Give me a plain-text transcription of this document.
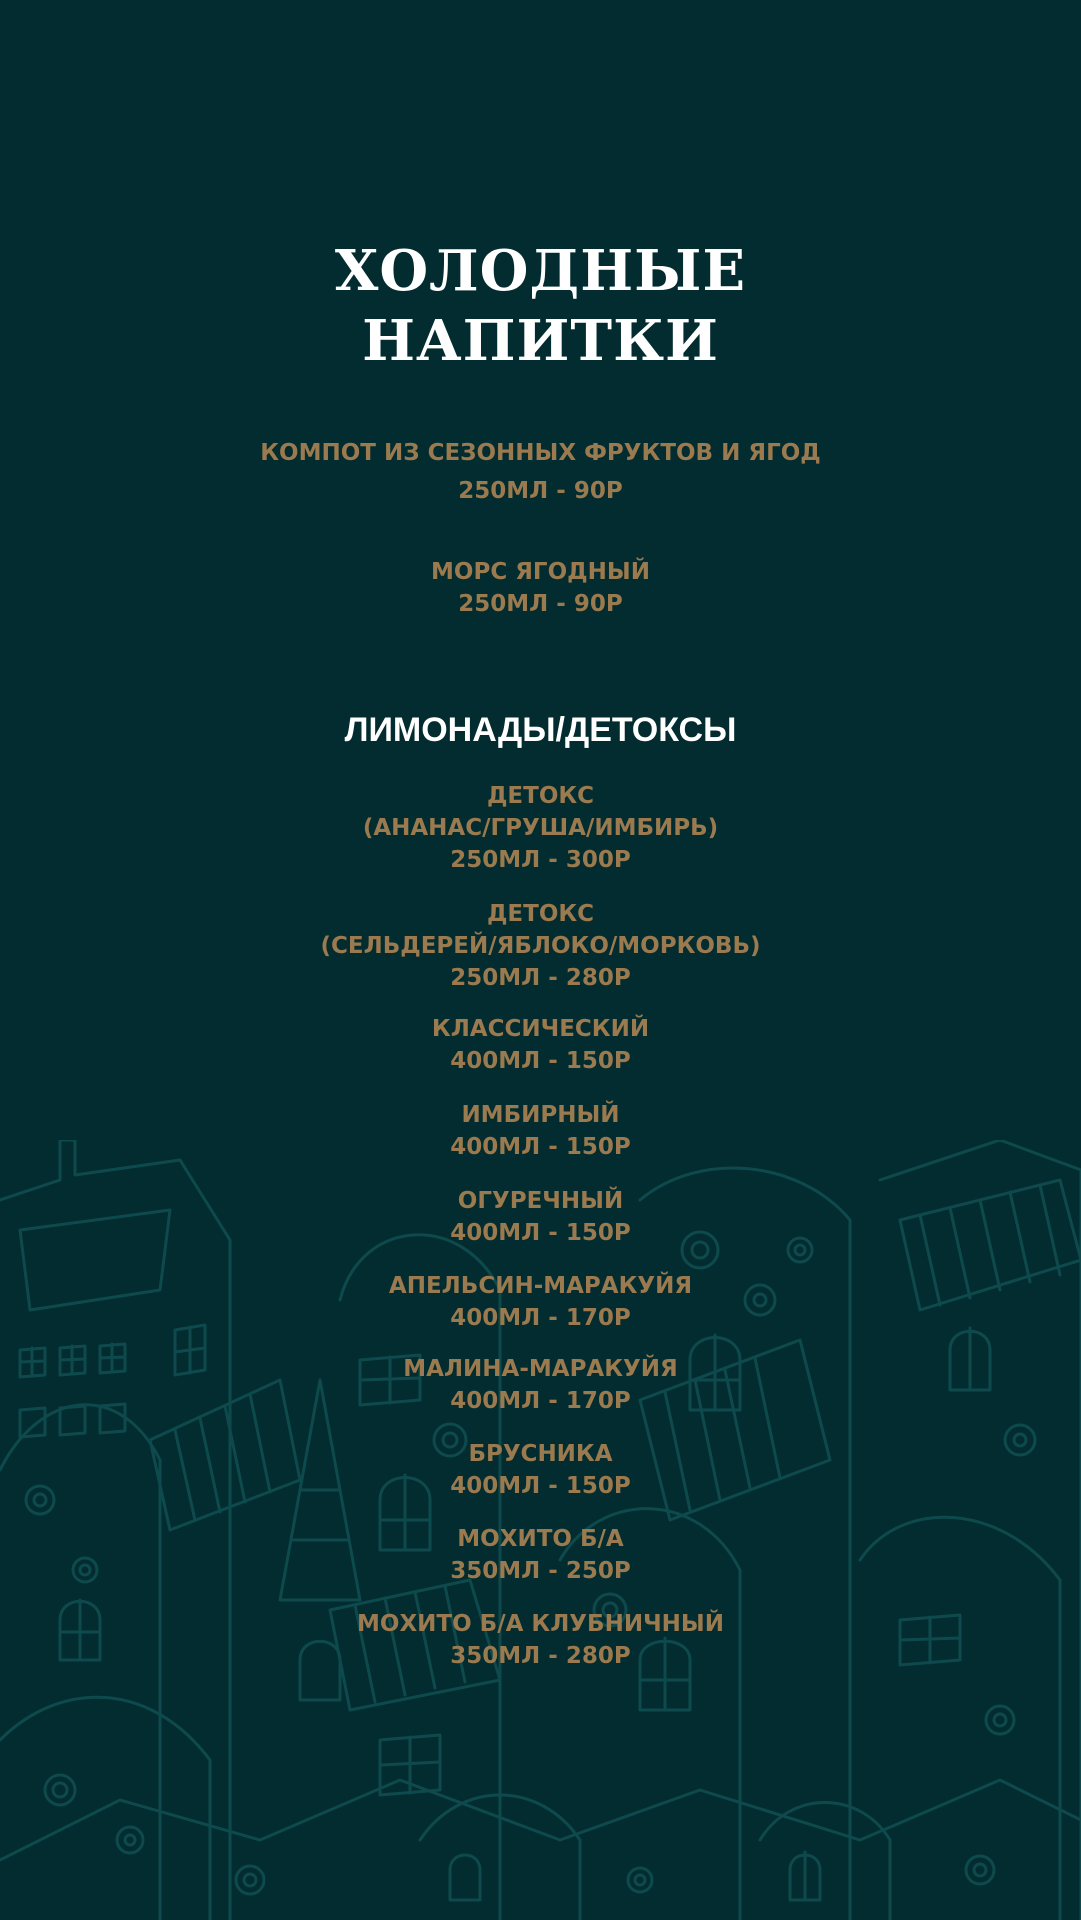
ХОЛОДНЫЕ
НАПИТКИ
КОМПОТ ИЗ СЕЗОННЫХ ФРУКТОВ И ЯГОД
250МЛ - 90Р
МОРС ЯГОДНЫЙ
250МЛ - 90Р
ЛИМОНАДЫ/ДЕТОКСЫ
ДЕТОКС
(АНАНАС/ГРУША/ИМБИРЬ)
250МЛ - 300Р
ДЕТОКС
(СЕЛЬДЕРЕЙ/ЯБЛОКО/МОРКОВЬ)
250МЛ - 280Р
КЛАССИЧЕСКИЙ
400МЛ - 150Р
ИМБИРНЫЙ
400МЛ - 150Р
ОГУРЕЧНЫЙ
400МЛ - 150Р
АПЕЛЬСИН-МАРАКУЙЯ
400МЛ - 170Р
МАЛИНА-МАРАКУЙЯ
400МЛ - 170Р
БРУСНИКА
400МЛ - 150Р
МОХИТО Б/А
350МЛ - 250Р
МОХИТО Б/А КЛУБНИЧНЫЙ
350МЛ - 280Р
